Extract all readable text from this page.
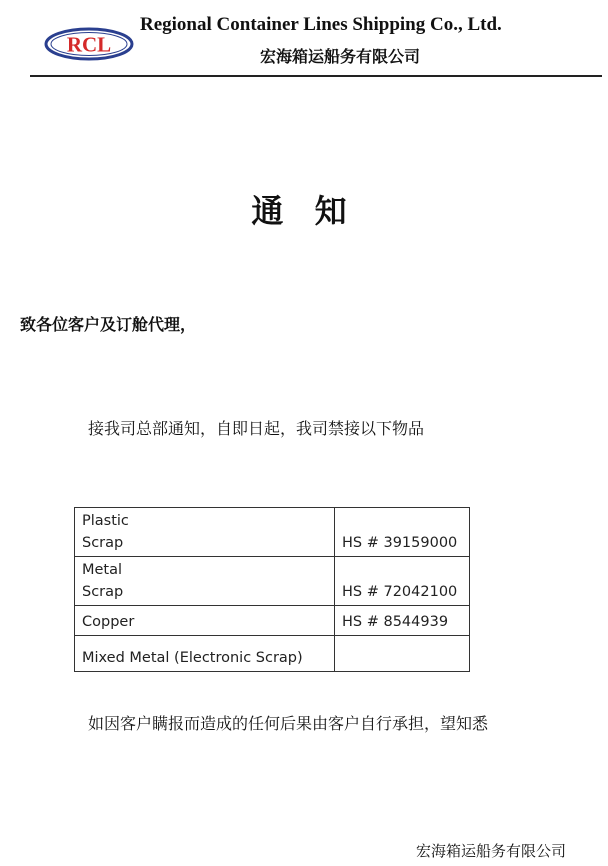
RCL
Regional Container Lines Shipping Co., Ltd.
宏海箱运船务有限公司
通 知
致各位客户及订舱代理，
接我司总部通知，自即日起，我司禁接以下物品
Plastic
Scrap	HS # 39159000

Metal
Scrap	HS # 72042100

Copper	HS # 8544939

Mixed Metal (Electronic Scrap)	

如因客户瞒报而造成的任何后果由客户自行承担，望知悉
宏海箱运船务有限公司
